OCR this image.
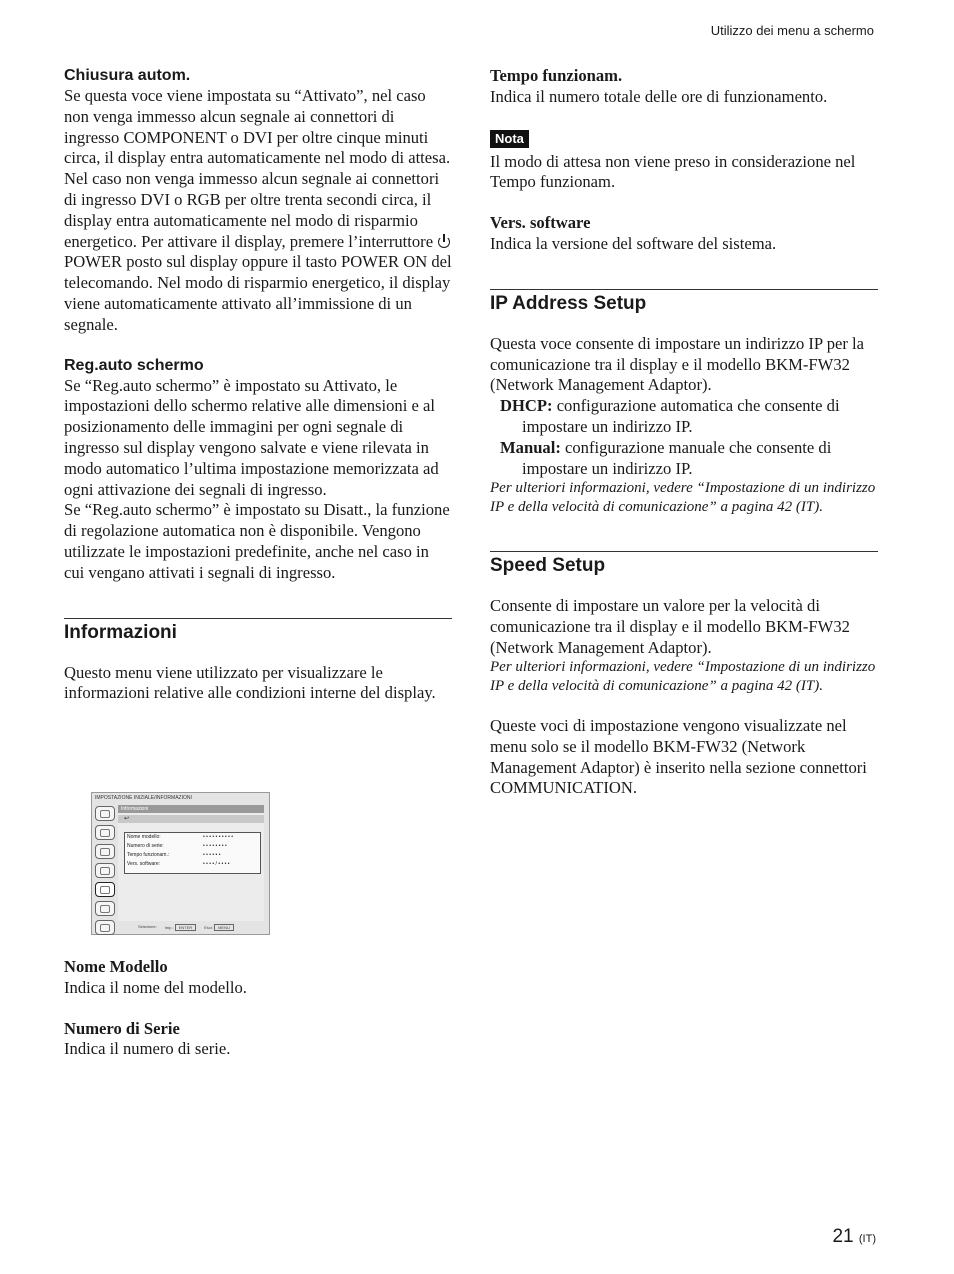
Utilizzo dei menu a schermo
Chiusura autom.

Se questa voce viene impostata su “Attivato”, nel caso non venga immesso alcun segnale ai connettori di ingresso COMPONENT o DVI per oltre cinque minuti circa, il display entra automaticamente nel modo di attesa. Nel caso non venga immesso alcun segnale ai connettori di ingresso DVI o RGB per oltre trenta secondi circa, il display entra automaticamente nel modo di risparmio energetico. Per attivare il display, premere l’interruttore
POWER posto sul display oppure il tasto POWER ON del telecomando. Nel modo di risparmio energetico, il display viene automaticamente attivato all’immissione di un segnale.

Reg.auto schermo

Se “Reg.auto schermo” è impostato su Attivato, le impostazioni dello schermo relative alle dimensioni e al posizionamento delle immagini per ogni segnale di ingresso sul display vengono salvate e viene rilevata in modo automatico l’ultima impostazione memorizzata ad ogni attivazione dei segnali di ingresso.

Se “Reg.auto schermo” è impostato su Disatt., la funzione di regolazione automatica non è disponibile. Vengono utilizzate le impostazioni predefinite, anche nel caso in cui vengano attivati i segnali di ingresso.

Informazioni

Questo menu viene utilizzato per visualizzare le informazioni relative alle condizioni interne del display.

IMPOSTAZIONE INIZIALE/INFORMAZIONI
Informazioni
↩
Nome modello:	• • • • • • • • • •
Numero di serie:	• • • • • • • •
Tempo funzionam.:	• • • • • •
Vers. software:	• • • • / • • • •
Selezione: Imp.: ENTER	Esci: MENU
Nome Modello

Indica il nome del modello.

Numero di Serie

Indica il numero di serie.

Tempo funzionam.

Indica il numero totale delle ore di funzionamento.

Nota

Il modo di attesa non viene preso in considerazione nel Tempo funzionam.

Vers. software

Indica la versione del software del sistema.

IP Address Setup

Questa voce consente di impostare un indirizzo IP per la comunicazione tra il display e il modello BKM-FW32 (Network Management Adaptor).

DHCP: configurazione automatica che consente di impostare un indirizzo IP.

Manual: configurazione manuale che consente di impostare un indirizzo IP.

Per ulteriori informazioni, vedere “Impostazione di un indirizzo IP e della velocità di comunicazione” a pagina 42 (IT).

Speed Setup

Consente di impostare un valore per la velocità di comunicazione tra il display e il modello BKM-FW32 (Network Management Adaptor).

Per ulteriori informazioni, vedere “Impostazione di un indirizzo IP e della velocità di comunicazione” a pagina 42 (IT).

Queste voci di impostazione vengono visualizzate nel menu solo se il modello BKM-FW32 (Network Management Adaptor) è inserito nella sezione connettori COMMUNICATION.

21 (IT)
